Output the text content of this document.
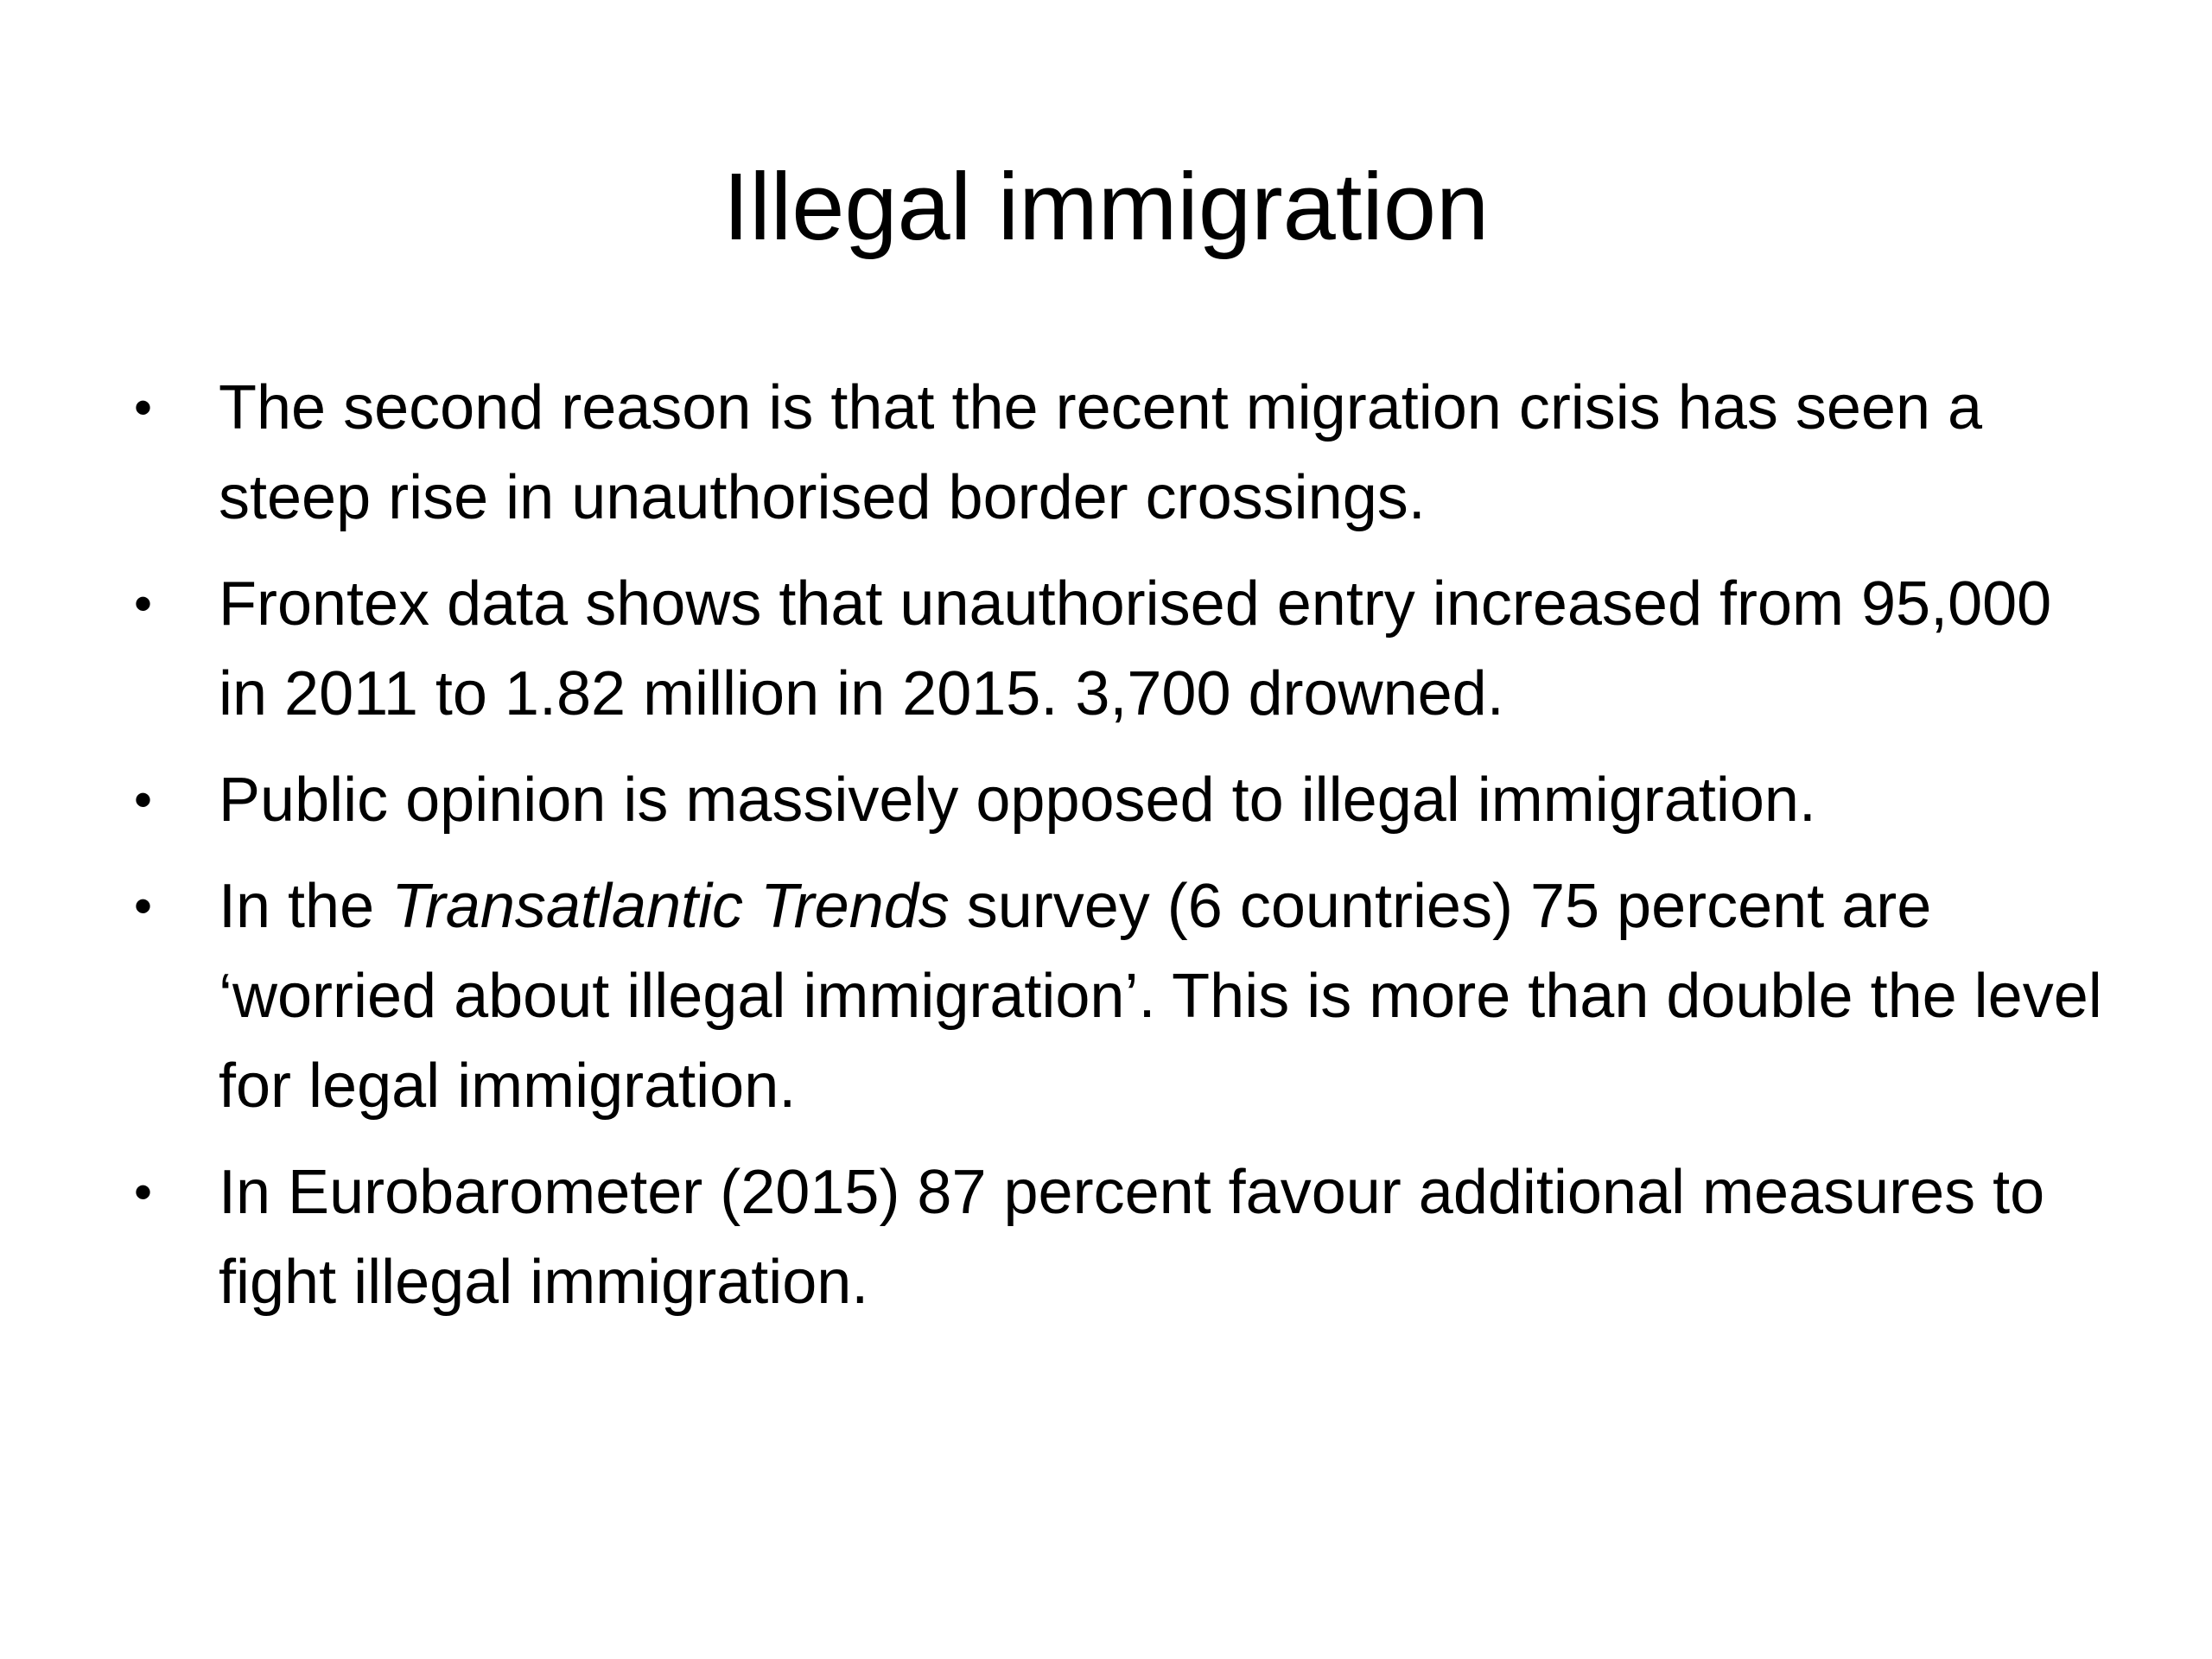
Illegal immigration
• The second reason is that the recent migration crisis has seen a steep rise in unauthorised border crossings.
• Frontex data shows that unauthorised entry increased from 95,000 in 2011 to 1.82 million in 2015. 3,700 drowned.
• Public opinion is massively opposed to illegal immigration.
• In the Transatlantic Trends survey (6 countries) 75 percent are ‘worried about illegal immigration’. This is more than double the level for legal immigration.
• In Eurobarometer (2015) 87 percent favour additional measures to fight illegal immigration.
